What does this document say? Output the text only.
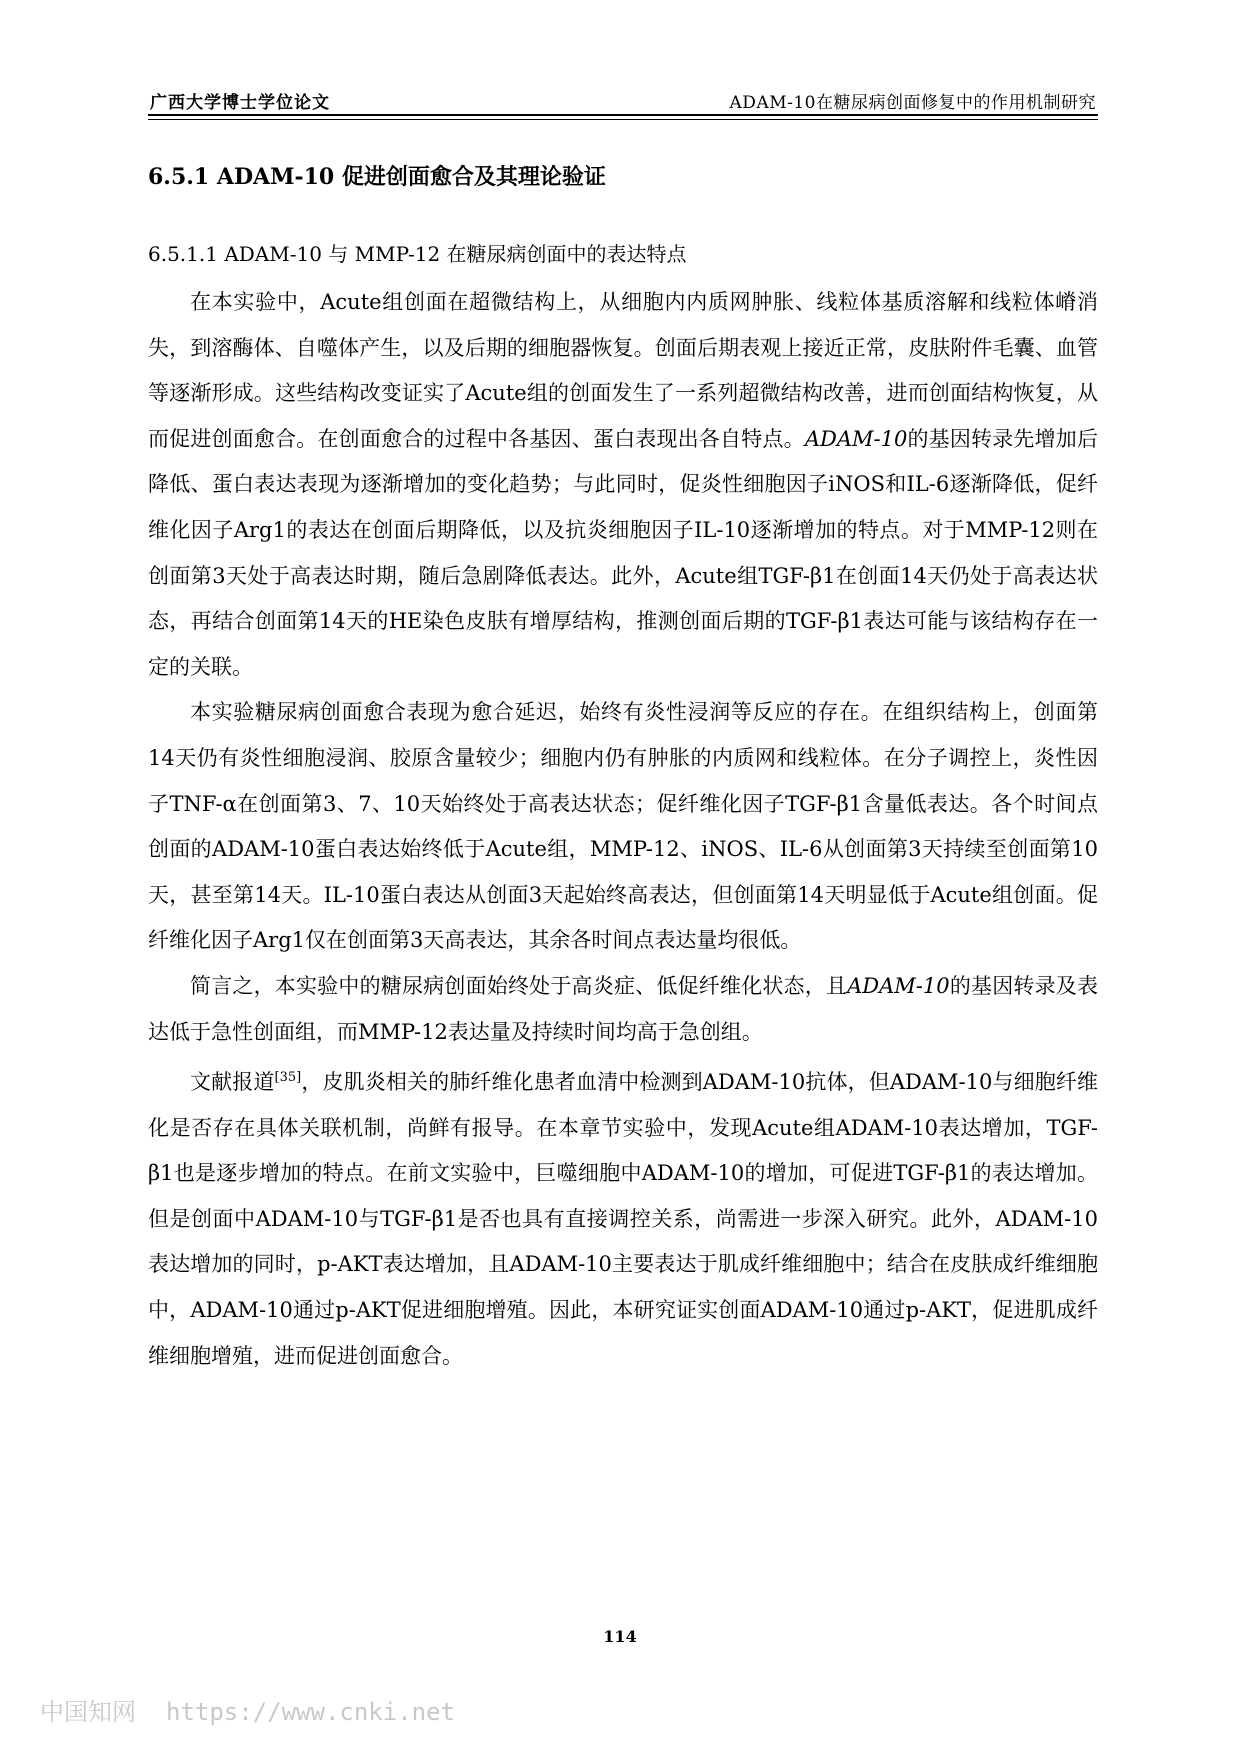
广西大学博士学位论文	ADAM-10在糖尿病创面修复中的作用机制研究
6.5.1 ADAM-10 促进创面愈合及其理论验证
6.5.1.1 ADAM-10 与 MMP-12 在糖尿病创面中的表达特点

在本实验中，Acute组创面在超微结构上，从细胞内内质网肿胀、线粒体基质溶解和线粒体嵴消失，到溶酶体、自噬体产生，以及后期的细胞器恢复。创面后期表观上接近正常，皮肤附件毛囊、血管等逐渐形成。这些结构改变证实了Acute组的创面发生了一系列超微结构改善，进而创面结构恢复，从而促进创面愈合。在创面愈合的过程中各基因、蛋白表现出各自特点。ADAM-10的基因转录先增加后降低、蛋白表达表现为逐渐增加的变化趋势；与此同时，促炎性细胞因子iNOS和IL-6逐渐降低，促纤维化因子Arg1的表达在创面后期降低，以及抗炎细胞因子IL-10逐渐增加的特点。对于MMP-12则在创面第3天处于高表达时期，随后急剧降低表达。此外，Acute组TGF-β1在创面14天仍处于高表达状态，再结合创面第14天的HE染色皮肤有增厚结构，推测创面后期的TGF-β1表达可能与该结构存在一定的关联。

本实验糖尿病创面愈合表现为愈合延迟，始终有炎性浸润等反应的存在。在组织结构上，创面第14天仍有炎性细胞浸润、胶原含量较少；细胞内仍有肿胀的内质网和线粒体。在分子调控上，炎性因子TNF-α在创面第3、7、10天始终处于高表达状态；促纤维化因子TGF-β1含量低表达。各个时间点创面的ADAM-10蛋白表达始终低于Acute组，MMP-12、iNOS、IL-6从创面第3天持续至创面第10天，甚至第14天。IL-10蛋白表达从创面3天起始终高表达，但创面第14天明显低于Acute组创面。促纤维化因子Arg1仅在创面第3天高表达，其余各时间点表达量均很低。

简言之，本实验中的糖尿病创面始终处于高炎症、低促纤维化状态，且ADAM-10的基因转录及表达低于急性创面组，而MMP-12表达量及持续时间均高于急创组。

文献报道[35]，皮肌炎相关的肺纤维化患者血清中检测到ADAM-10抗体，但ADAM-10与细胞纤维化是否存在具体关联机制，尚鲜有报导。在本章节实验中，发现Acute组ADAM-10表达增加，TGF-β1也是逐步增加的特点。在前文实验中，巨噬细胞中ADAM-10的增加，可促进TGF-β1的表达增加。但是创面中ADAM-10与TGF-β1是否也具有直接调控关系，尚需进一步深入研究。此外，ADAM-10表达增加的同时，p-AKT表达增加，且ADAM-10主要表达于肌成纤维细胞中；结合在皮肤成纤维细胞中，ADAM-10通过p-AKT促进细胞增殖。因此，本研究证实创面ADAM-10通过p-AKT，促进肌成纤维细胞增殖，进而促进创面愈合。

114
中国知网 https://www.cnki.net
